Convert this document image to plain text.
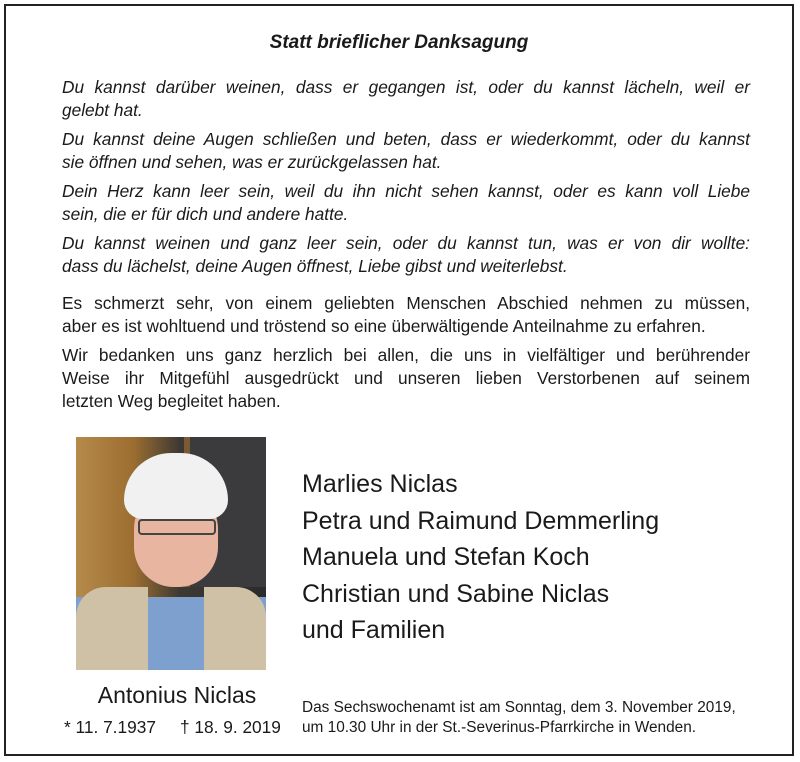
Statt brieflicher Danksagung

Du kannst darüber weinen, dass er gegangen ist, oder du kannst lächeln, weil er
gelebt hat.

Du kannst deine Augen schließen und beten, dass er wiederkommt, oder du kannst
sie öffnen und sehen, was er zurückgelassen hat.

Dein Herz kann leer sein, weil du ihn nicht sehen kannst, oder es kann voll Liebe
sein, die er für dich und andere hatte.

Du kannst weinen und ganz leer sein, oder du kannst tun, was er von dir wollte:
dass du lächelst, deine Augen öffnest, Liebe gibst und weiterlebst.

Es schmerzt sehr, von einem geliebten Menschen Abschied nehmen zu müssen,
aber es ist wohltuend und tröstend so eine überwältigende Anteilnahme zu erfahren.

Wir bedanken uns ganz herzlich bei allen, die uns in vielfältiger und berührender
Weise ihr Mitgefühl ausgedrückt und unseren lieben Verstorbenen auf seinem
letzten Weg begleitet haben.

Antonius Niclas
* 11. 7.1937 † 18. 9. 2019
Marlies Niclas
Petra und Raimund Demmerling
Manuela und Stefan Koch
Christian und Sabine Niclas
und Familien
Das Sechswochenamt ist am Sonntag, dem 3. November 2019,
um 10.30 Uhr in der St.-Severinus-Pfarrkirche in Wenden.
